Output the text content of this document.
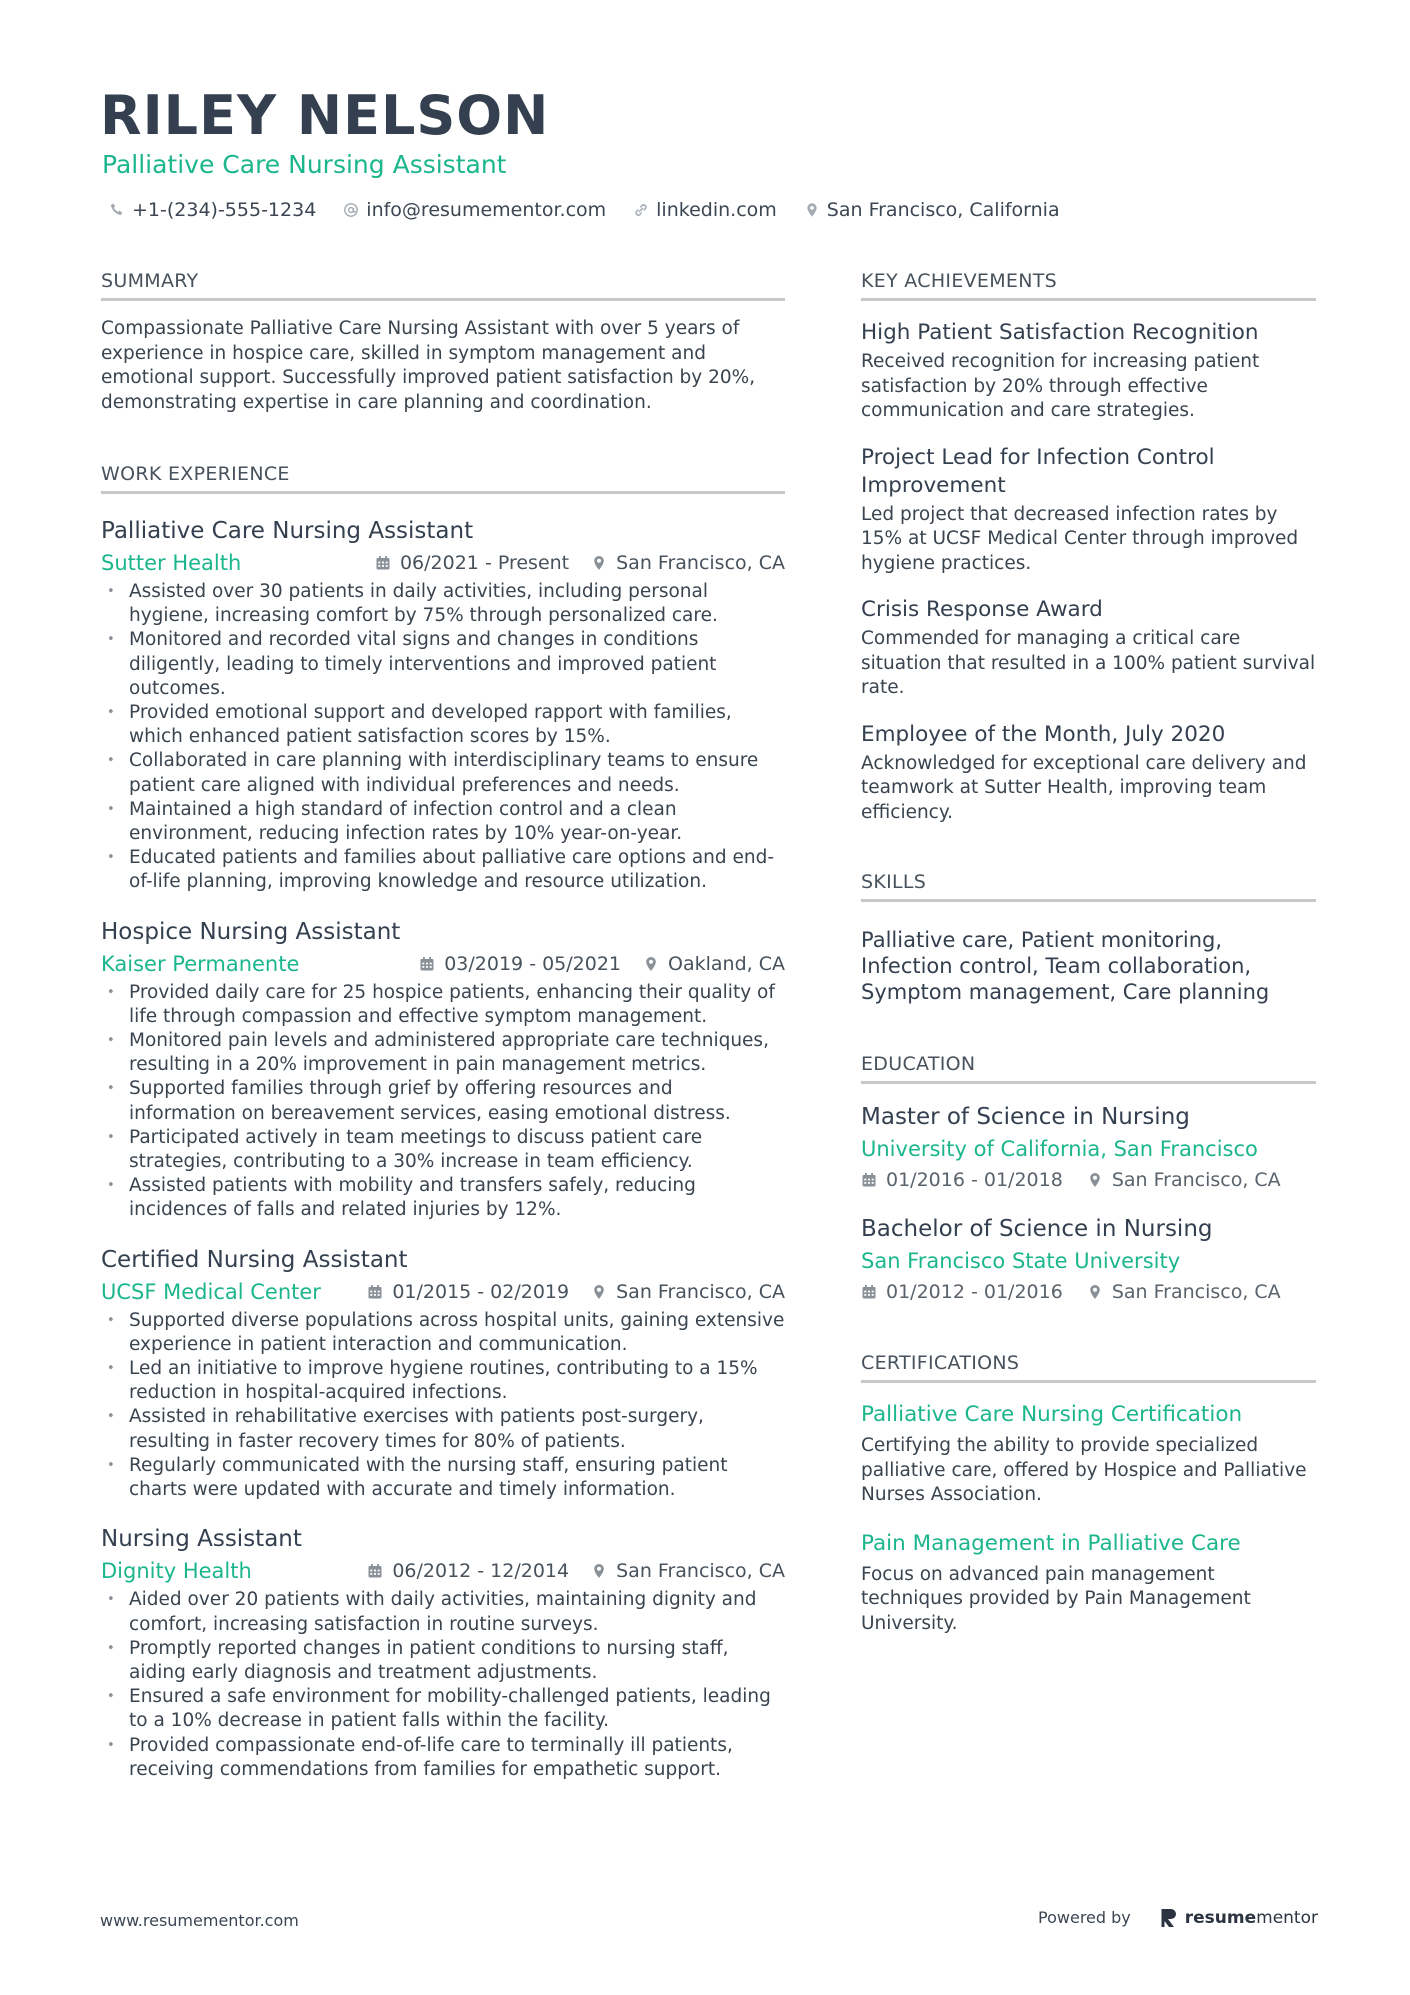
RILEY NELSON
Palliative Care Nursing Assistant
+1-(234)-555-1234	info@resumementor.com	linkedin.com	San Francisco, California
SUMMARY
Compassionate Palliative Care Nursing Assistant with over 5 years of experience in hospice care, skilled in symptom management and emotional support. Successfully improved patient satisfaction by 20%, demonstrating expertise in care planning and coordination.
WORK EXPERIENCE
Palliative Care Nursing Assistant
Sutter Health	06/2021 - Present San Francisco, CA
• Assisted over 30 patients in daily activities, including personal hygiene, increasing comfort by 75% through personalized care.
• Monitored and recorded vital signs and changes in conditions diligently, leading to timely interventions and improved patient outcomes.
• Provided emotional support and developed rapport with families, which enhanced patient satisfaction scores by 15%.
• Collaborated in care planning with interdisciplinary teams to ensure patient care aligned with individual preferences and needs.
• Maintained a high standard of infection control and a clean environment, reducing infection rates by 10% year-on-year.
• Educated patients and families about palliative care options and end-of-life planning, improving knowledge and resource utilization.
Hospice Nursing Assistant
Kaiser Permanente	03/2019 - 05/2021 Oakland, CA
• Provided daily care for 25 hospice patients, enhancing their quality of life through compassion and effective symptom management.
• Monitored pain levels and administered appropriate care techniques, resulting in a 20% improvement in pain management metrics.
• Supported families through grief by offering resources and information on bereavement services, easing emotional distress.
• Participated actively in team meetings to discuss patient care strategies, contributing to a 30% increase in team efficiency.
• Assisted patients with mobility and transfers safely, reducing incidences of falls and related injuries by 12%.
Certified Nursing Assistant
UCSF Medical Center	01/2015 - 02/2019 San Francisco, CA
• Supported diverse populations across hospital units, gaining extensive experience in patient interaction and communication.
• Led an initiative to improve hygiene routines, contributing to a 15% reduction in hospital-acquired infections.
• Assisted in rehabilitative exercises with patients post-surgery, resulting in faster recovery times for 80% of patients.
• Regularly communicated with the nursing staff, ensuring patient charts were updated with accurate and timely information.
Nursing Assistant
Dignity Health	06/2012 - 12/2014 San Francisco, CA
• Aided over 20 patients with daily activities, maintaining dignity and comfort, increasing satisfaction in routine surveys.
• Promptly reported changes in patient conditions to nursing staff, aiding early diagnosis and treatment adjustments.
• Ensured a safe environment for mobility-challenged patients, leading to a 10% decrease in patient falls within the facility.
• Provided compassionate end-of-life care to terminally ill patients, receiving commendations from families for empathetic support.
KEY ACHIEVEMENTS
High Patient Satisfaction Recognition
Received recognition for increasing patient satisfaction by 20% through effective communication and care strategies.
Project Lead for Infection Control Improvement
Led project that decreased infection rates by 15% at UCSF Medical Center through improved hygiene practices.
Crisis Response Award
Commended for managing a critical care situation that resulted in a 100% patient survival rate.
Employee of the Month, July 2020
Acknowledged for exceptional care delivery and teamwork at Sutter Health, improving team efficiency.
SKILLS
Palliative care, Patient monitoring, Infection control, Team collaboration, Symptom management, Care planning
EDUCATION
Master of Science in Nursing
University of California, San Francisco
01/2016 - 01/2018	San Francisco, CA
Bachelor of Science in Nursing
San Francisco State University
01/2012 - 01/2016	San Francisco, CA
CERTIFICATIONS
Palliative Care Nursing Certification
Certifying the ability to provide specialized palliative care, offered by Hospice and Palliative Nurses Association.
Pain Management in Palliative Care
Focus on advanced pain management techniques provided by Pain Management University.
www.resumementor.com	Powered by	resume mentor
